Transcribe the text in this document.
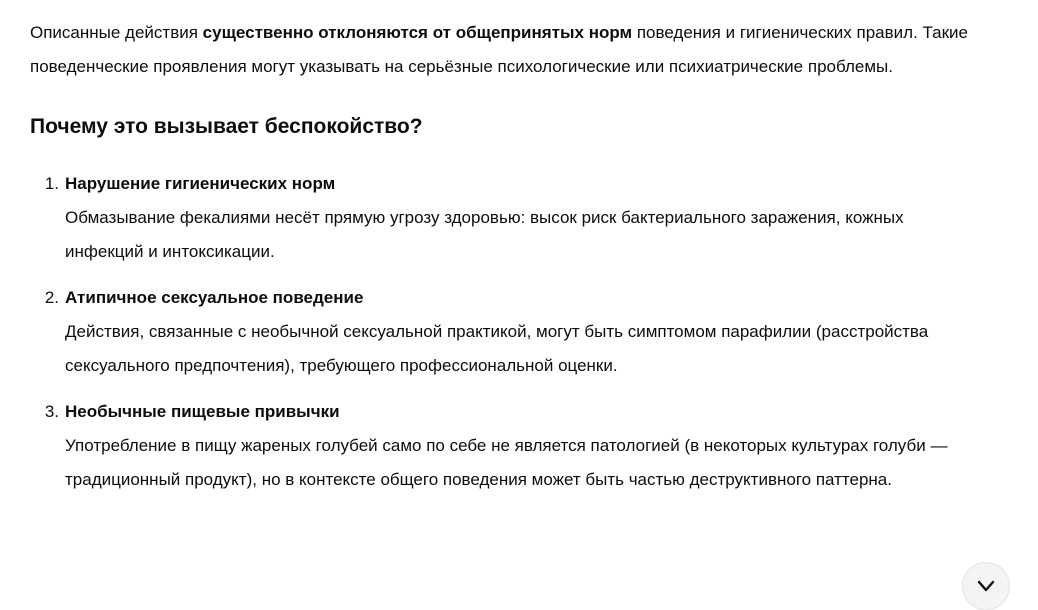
Описанные действия существенно отклоняются от общепринятых норм поведения и гигиенических правил. Такие поведенческие проявления могут указывать на серьёзные психологические или психиатрические проблемы.

Почему это вызывает беспокойство?
1. Нарушение гигиенических норм
Обмазывание фекалиями несёт прямую угрозу здоровью: высок риск бактериального заражения, кожных инфекций и интоксикации.
2. Атипичное сексуальное поведение
Действия, связанные с необычной сексуальной практикой, могут быть симптомом парафилии (расстройства сексуального предпочтения), требующего профессиональной оценки.
3. Необычные пищевые привычки
Употребление в пищу жареных голубей само по себе не является патологией (в некоторых культурах голуби — традиционный продукт), но в контексте общего поведения может быть частью деструктивного паттерна.
